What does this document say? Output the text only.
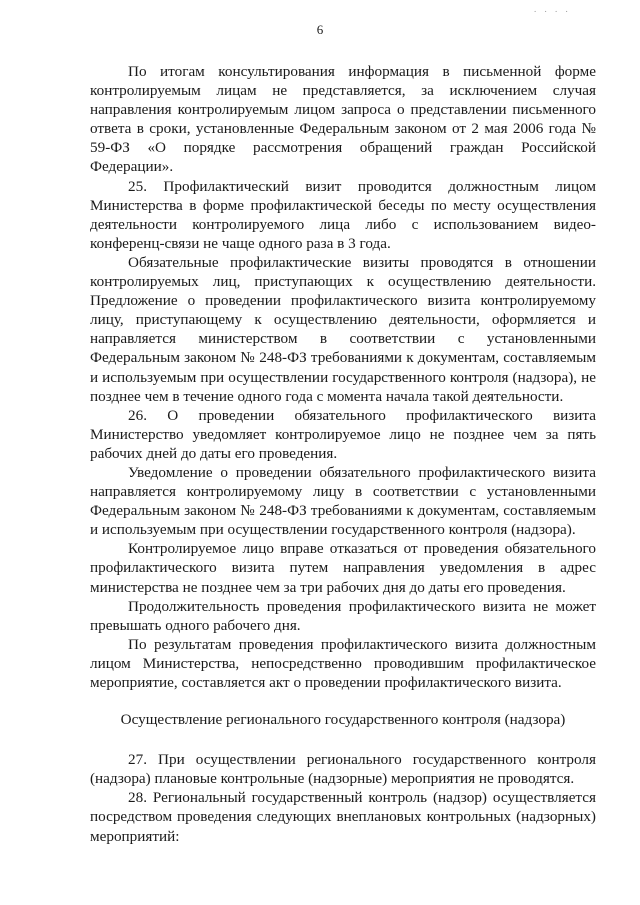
. . . .
6

По итогам консультирования информация в письменной форме контролируемым лицам не представляется, за исключением случая направления контролируемым лицом запроса о представлении письменного ответа в сроки, установленные Федеральным законом от 2 мая 2006 года № 59-ФЗ «О порядке рассмотрения обращений граждан Российской Федерации».

25. Профилактический визит проводится должностным лицом Министерства в форме профилактической беседы по месту осуществления деятельности контролируемого лица либо с использованием видео-конференц-связи не чаще одного раза в 3 года.

Обязательные профилактические визиты проводятся в отношении контролируемых лиц, приступающих к осуществлению деятельности. Предложение о проведении профилактического визита контролируемому лицу, приступающему к осуществлению деятельности, оформляется и направляется министерством в соответствии с установленными Федеральным законом № 248-ФЗ требованиями к документам, составляемым и используемым при осуществлении государственного контроля (надзора), не позднее чем в течение одного года с момента начала такой деятельности.

26. О проведении обязательного профилактического визита Министерство уведомляет контролируемое лицо не позднее чем за пять рабочих дней до даты его проведения.

Уведомление о проведении обязательного профилактического визита направляется контролируемому лицу в соответствии с установленными Федеральным законом № 248-ФЗ требованиями к документам, составляемым и используемым при осуществлении государственного контроля (надзора).

Контролируемое лицо вправе отказаться от проведения обязательного профилактического визита путем направления уведомления в адрес министерства не позднее чем за три рабочих дня до даты его проведения.

Продолжительность проведения профилактического визита не может превышать одного рабочего дня.

По результатам проведения профилактического визита должностным лицом Министерства, непосредственно проводившим профилактическое мероприятие, составляется акт о проведении профилактического визита.

Осуществление регионального государственного контроля (надзора)

27. При осуществлении регионального государственного контроля (надзора) плановые контрольные (надзорные) мероприятия не проводятся.

28. Региональный государственный контроль (надзор) осуществляется посредством проведения следующих внеплановых контрольных (надзорных) мероприятий:
